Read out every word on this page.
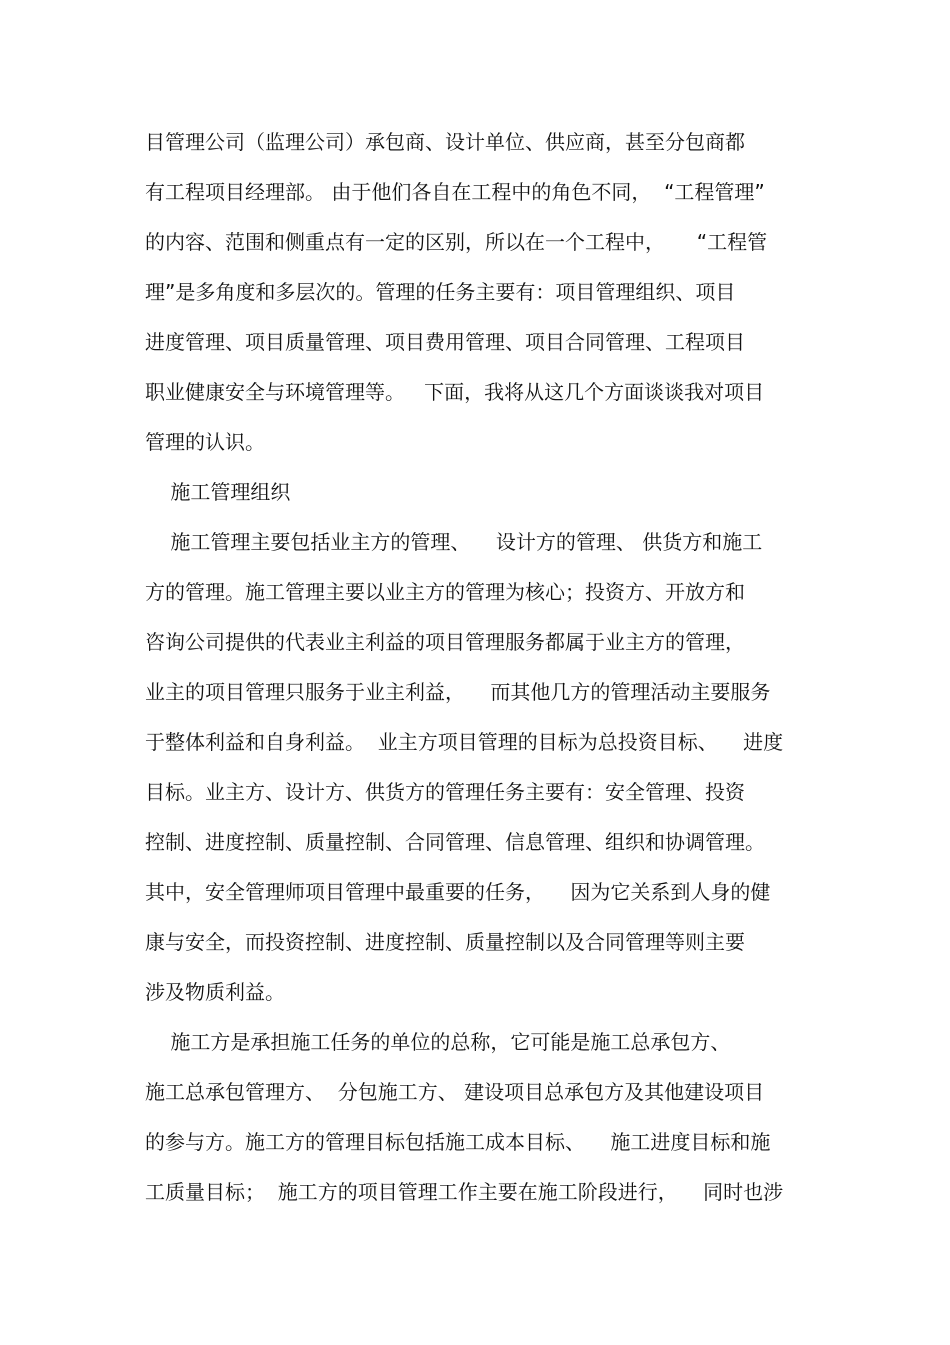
目管理公司（监理公司）承包商、设计单位、供应商，甚至分包商都
有工程项目经理部。 由于他们各自在工程中的角色不同，  “工程管理”
的内容、范围和侧重点有一定的区别，所以在一个工程中，     “工程管
理”是多角度和多层次的。管理的任务主要有：项目管理组织、项目
进度管理、项目质量管理、项目费用管理、项目合同管理、工程项目
职业健康安全与环境管理等。   下面，我将从这几个方面谈谈我对项目
管理的认识。
施工管理组织
施工管理主要包括业主方的管理、    设计方的管理、 供货方和施工
方的管理。施工管理主要以业主方的管理为核心；投资方、开放方和
咨询公司提供的代表业主利益的项目管理服务都属于业主方的管理，
业主的项目管理只服务于业主利益，    而其他几方的管理活动主要服务
于整体利益和自身利益。  业主方项目管理的目标为总投资目标、    进度
目标。业主方、设计方、供货方的管理任务主要有：安全管理、投资
控制、进度控制、质量控制、合同管理、信息管理、组织和协调管理。
其中，安全管理师项目管理中最重要的任务，    因为它关系到人身的健
康与安全，而投资控制、进度控制、质量控制以及合同管理等则主要
涉及物质利益。
施工方是承担施工任务的单位的总称，它可能是施工总承包方、
施工总承包管理方、  分包施工方、 建设项目总承包方及其他建设项目
的参与方。施工方的管理目标包括施工成本目标、    施工进度目标和施
工质量目标；  施工方的项目管理工作主要在施工阶段进行，    同时也涉
